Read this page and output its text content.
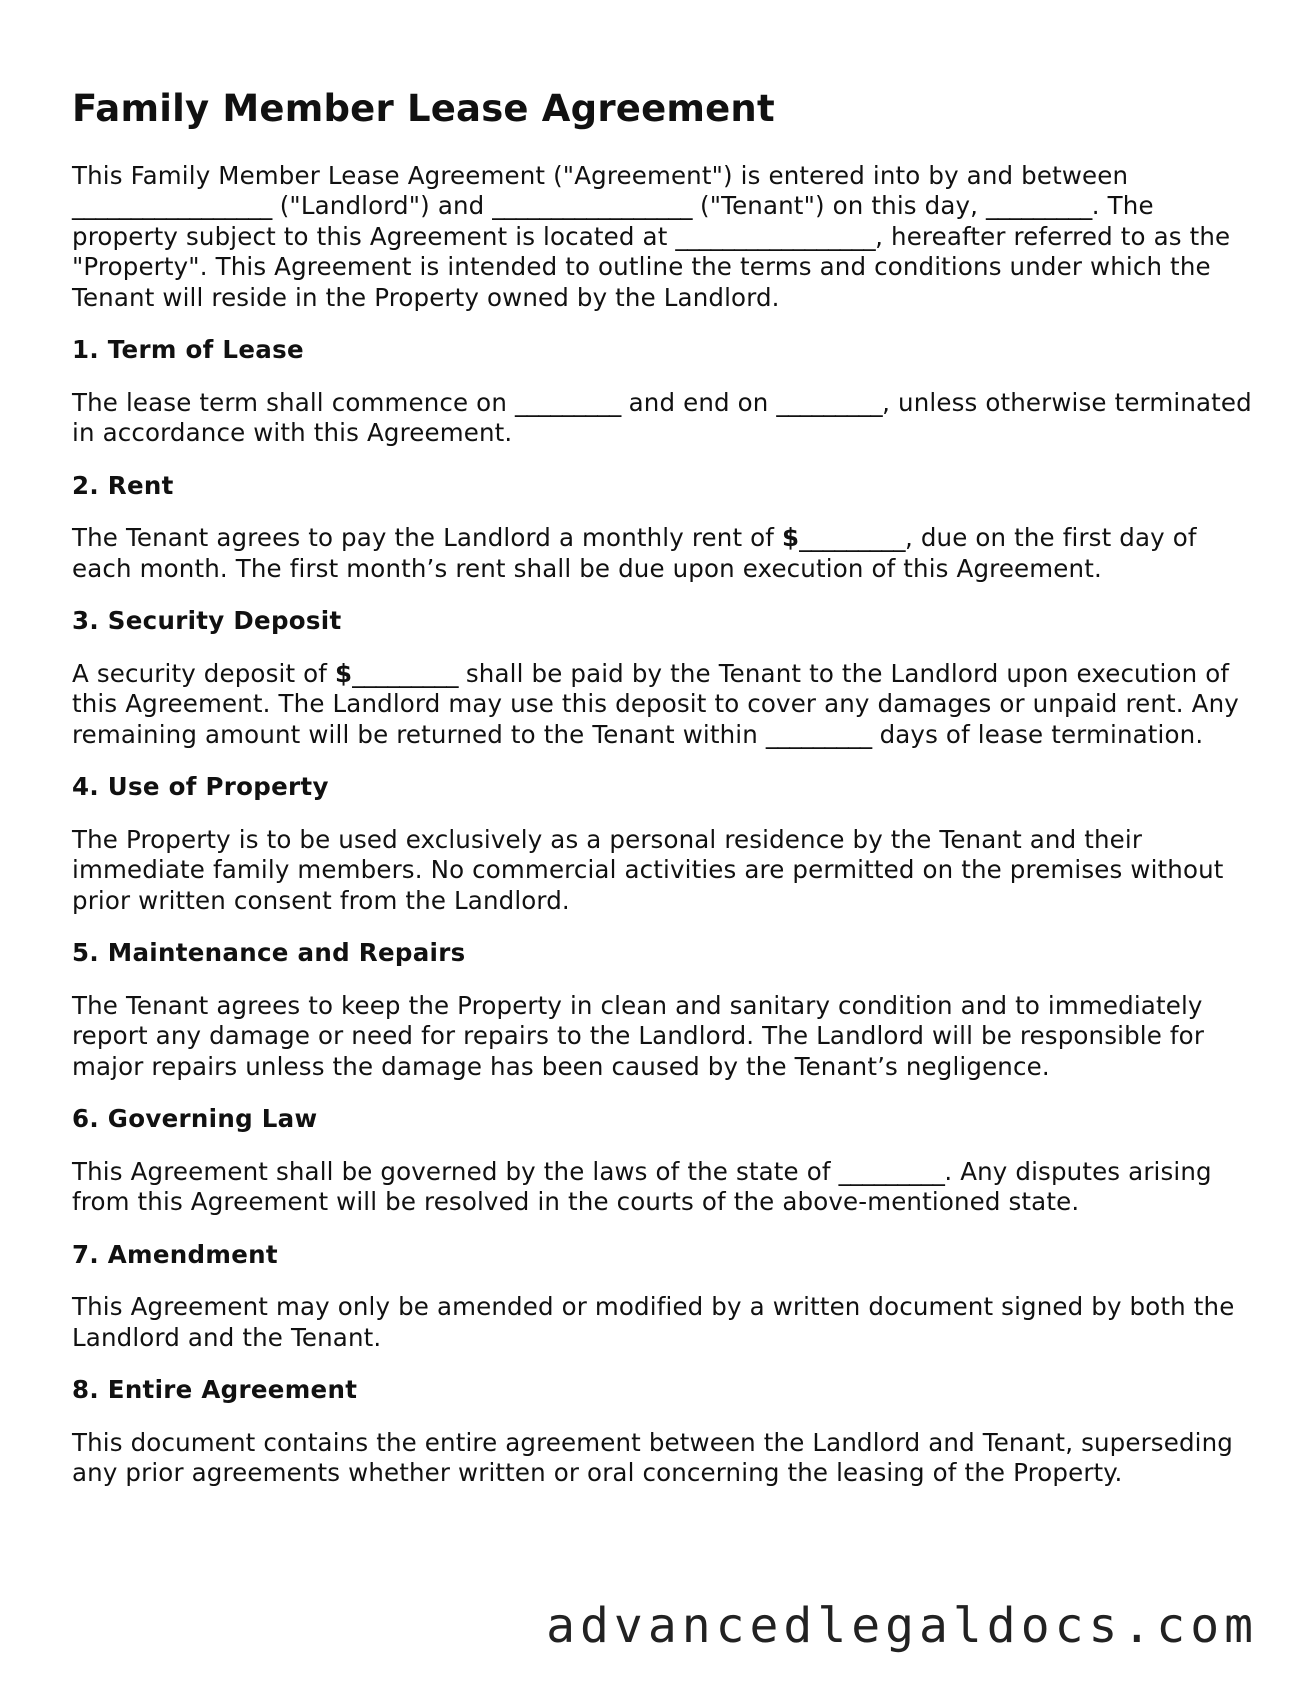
Family Member Lease Agreement

This Family Member Lease Agreement ("Agreement") is entered into by and between _________________ ("Landlord") and _________________ ("Tenant") on this day, _________. The property subject to this Agreement is located at _________________, hereafter referred to as the "Property". This Agreement is intended to outline the terms and conditions under which the Tenant will reside in the Property owned by the Landlord.

1. Term of Lease

The lease term shall commence on _________ and end on _________, unless otherwise terminated in accordance with this Agreement.

2. Rent

The Tenant agrees to pay the Landlord a monthly rent of $_________, due on the first day of each month. The first month’s rent shall be due upon execution of this Agreement.

3. Security Deposit

A security deposit of $_________ shall be paid by the Tenant to the Landlord upon execution of this Agreement. The Landlord may use this deposit to cover any damages or unpaid rent. Any remaining amount will be returned to the Tenant within _________ days of lease termination.

4. Use of Property

The Property is to be used exclusively as a personal residence by the Tenant and their immediate family members. No commercial activities are permitted on the premises without prior written consent from the Landlord.

5. Maintenance and Repairs

The Tenant agrees to keep the Property in clean and sanitary condition and to immediately report any damage or need for repairs to the Landlord. The Landlord will be responsible for major repairs unless the damage has been caused by the Tenant’s negligence.

6. Governing Law

This Agreement shall be governed by the laws of the state of _________. Any disputes arising from this Agreement will be resolved in the courts of the above-mentioned state.

7. Amendment

This Agreement may only be amended or modified by a written document signed by both the Landlord and the Tenant.

8. Entire Agreement

This document contains the entire agreement between the Landlord and Tenant, superseding any prior agreements whether written or oral concerning the leasing of the Property.

advancedlegaldocs.com
